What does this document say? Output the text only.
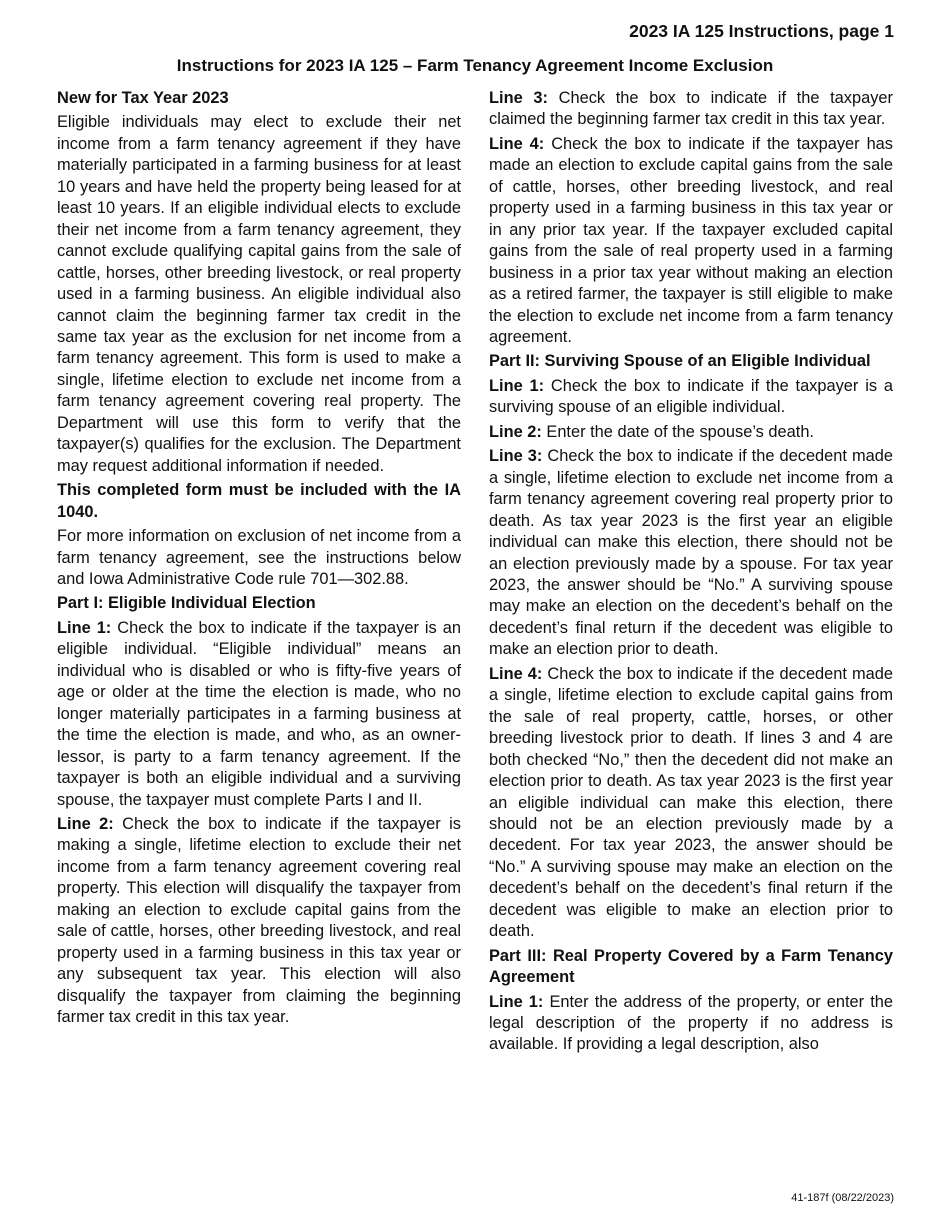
2023 IA 125 Instructions, page 1
Instructions for 2023 IA 125 – Farm Tenancy Agreement Income Exclusion
New for Tax Year 2023

Eligible individuals may elect to exclude their net income from a farm tenancy agreement if they have materially participated in a farming business for at least 10 years and have held the property being leased for at least 10 years. If an eligible individual elects to exclude their net income from a farm tenancy agreement, they cannot exclude qualifying capital gains from the sale of cattle, horses, other breeding livestock, or real property used in a farming business. An eligible individual also cannot claim the beginning farmer tax credit in the same tax year as the exclusion for net income from a farm tenancy agreement. This form is used to make a single, lifetime election to exclude net income from a farm tenancy agreement covering real property. The Department will use this form to verify that the taxpayer(s) qualifies for the exclusion. The Department may request additional information if needed.

This completed form must be included with the IA 1040.

For more information on exclusion of net income from a farm tenancy agreement, see the instructions below and Iowa Administrative Code rule 701—302.88.

Part I: Eligible Individual Election

Line 1: Check the box to indicate if the taxpayer is an eligible individual. “Eligible individual” means an individual who is disabled or who is fifty-five years of age or older at the time the election is made, who no longer materially participates in a farming business at the time the election is made, and who, as an owner-lessor, is party to a farm tenancy agreement. If the taxpayer is both an eligible individual and a surviving spouse, the taxpayer must complete Parts I and II.

Line 2: Check the box to indicate if the taxpayer is making a single, lifetime election to exclude their net income from a farm tenancy agreement covering real property. This election will disqualify the taxpayer from making an election to exclude capital gains from the sale of cattle, horses, other breeding livestock, and real property used in a farming business in this tax year or any subsequent tax year. This election will also disqualify the taxpayer from claiming the beginning farmer tax credit in this tax year.

Line 3: Check the box to indicate if the taxpayer claimed the beginning farmer tax credit in this tax year.

Line 4: Check the box to indicate if the taxpayer has made an election to exclude capital gains from the sale of cattle, horses, other breeding livestock, and real property used in a farming business in this tax year or in any prior tax year. If the taxpayer excluded capital gains from the sale of real property used in a farming business in a prior tax year without making an election as a retired farmer, the taxpayer is still eligible to make the election to exclude net income from a farm tenancy agreement.

Part II: Surviving Spouse of an Eligible Individual

Line 1: Check the box to indicate if the taxpayer is a surviving spouse of an eligible individual.

Line 2: Enter the date of the spouse’s death.

Line 3: Check the box to indicate if the decedent made a single, lifetime election to exclude net income from a farm tenancy agreement covering real property prior to death. As tax year 2023 is the first year an eligible individual can make this election, there should not be an election previously made by a spouse. For tax year 2023, the answer should be “No.” A surviving spouse may make an election on the decedent’s behalf on the decedent’s final return if the decedent was eligible to make an election prior to death.

Line 4: Check the box to indicate if the decedent made a single, lifetime election to exclude capital gains from the sale of real property, cattle, horses, or other breeding livestock prior to death. If lines 3 and 4 are both checked “No,” then the decedent did not make an election prior to death. As tax year 2023 is the first year an eligible individual can make this election, there should not be an election previously made by a decedent. For tax year 2023, the answer should be “No.” A surviving spouse may make an election on the decedent’s behalf on the decedent’s final return if the decedent was eligible to make an election prior to death.

Part III: Real Property Covered by a Farm Tenancy Agreement

Line 1: Enter the address of the property, or enter the legal description of the property if no address is available. If providing a legal description, also

41-187f (08/22/2023)
